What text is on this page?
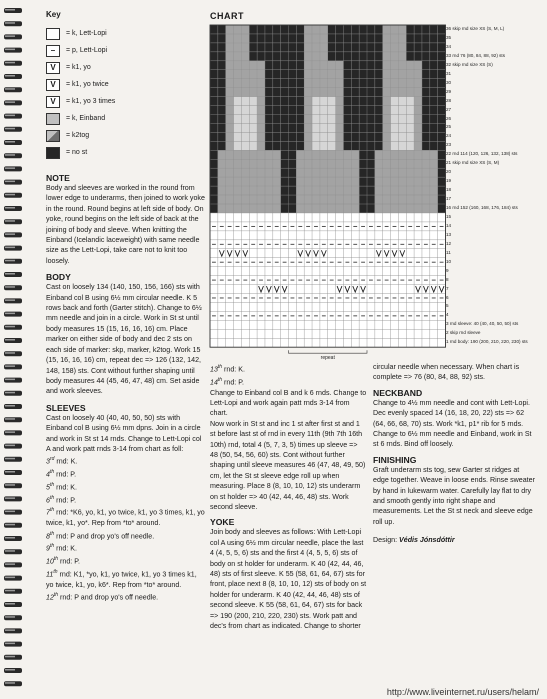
Key
= k, Lett-Lopi
– = p, Lett-Lopi
V = k1, yo
V = k1, yo twice
V = k1, yo 3 times
= k, Einband
= k2tog
= no st

NOTE

Body and sleeves are worked in the round from lower edge to underarms, then joined to work yoke in the round. Round begins at left side of body. On yoke, round begins on the left side of back at the joining of body and sleeve. When knitting the Einband (Icelandic laceweight) with same needle size as the Lett-Lopi, take care not to knit too loosely.

BODY

Cast on loosely 134 (140, 150, 156, 166) sts with Einband col B using 6½ mm circular needle. K 5 rows back and forth (Garter stitch). Change to 6½ mm needle and join in a circle. Work in St st until body measures 15 (15, 16, 16, 16) cm. Place marker on either side of body and dec 2 sts on each side of marker: skp, marker, k2tog. Work 15 (15, 16, 16, 16) cm, repeat dec => 126 (132, 142, 148, 158) sts. Cont without further shaping until body measures 44 (45, 46, 47, 48) cm. Set aside and work sleeves.

SLEEVES

Cast on loosely 40 (40, 40, 50, 50) sts with Einband col B using 6½ mm dpns. Join in a circle and work in St st 14 rnds. Change to Lett-Lopi col A and work patt rnds 3-14 from chart as foll:

3rd rnd: K.

4th rnd: P.

5th rnd: K.

6th rnd: P.

7th rnd: *K6, yo, k1, yo twice, k1, yo 3 times, k1, yo twice, k1, yo*. Rep from *to* around.

8th rnd: P and drop yo's off needle.

9th rnd: K.

10th rnd: P.

11th rnd: K1, *yo, k1, yo twice, k1, yo 3 times k1, yo twice, k1, yo, k6*. Rep from *to* around.

12th rnd: P and drop yo's off needle.

13th rnd: K.

14th rnd: P.

Change to Einband col B and k 6 rnds. Change to Lett-Lopi and work again patt rnds 3-14 from chart.

Now work in St st and inc 1 st after first st and 1 st before last st of rnd in every 11th (9th 7th 16th 10th) rnd, total 4 (5, 7, 3, 5) times up sleeve => 48 (50, 54, 56, 60) sts. Cont without further shaping until sleeve measures 46 (47, 48, 49, 50) cm, let the St st sleeve edge roll up when measuring. Place 8 (8, 10, 10, 12) sts underarm on st holder => 40 (42, 44, 46, 48) sts. Work second sleeve.

YOKE

Join body and sleeves as follows: With Lett-Lopi col A using 6½ mm circular needle, place the last 4 (4, 5, 5, 6) sts and the first 4 (4, 5, 5, 6) sts of body on st holder for underarm. K 40 (42, 44, 46, 48) sts of first sleeve. K 55 (58, 61, 64, 67) sts for front, place next 8 (8, 10, 10, 12) sts of body on st holder for underarm. K 40 (42, 44, 46, 48) sts of second sleeve. K 55 (58, 61, 64, 67) sts for back => 190 (200, 210, 220, 230) sts. Work patt and dec's from chart as indicated. Change to shorter

circular needle when necessary. When chart is complete => 76 (80, 84, 88, 92) sts.

NECKBAND

Change to 4½ mm needle and cont with Lett-Lopi. Dec evenly spaced 14 (16, 18, 20, 22) sts => 62 (64, 66, 68, 70) sts. Work *k1, p1* rib for 5 rnds. Change to 6½ mm needle and Einband, work in St st 6 rnds. Bind off loosely.

FINISHING

Graft underarm sts tog, sew Garter st ridges at edge together. Weave in loose ends. Rinse sweater by hand in lukewarm water. Carefully lay flat to dry and smooth gently into right shape and measurements. Let the St st neck and sleeve edge roll up.

Design: Védis Jónsdóttir

CHART
repeat
36 skip rnd size XS (S, M, L)
35
34
33 rnd 76 (80, 84, 88, 92) sts
32 skip rnd size XS (S)
31
30
29
28
27
26
25
24
23
22 rnd 114 (120, 126, 132, 138) sts
21 skip rnd size XS (S, M)
20
19
18
17
16 rnd 152 (160, 168, 176, 184) sts
15
14
13
12
11
10
9
8
7
6
5
4
3 rnd sleeve: 40 (40, 40, 50, 50) sts
2 skip rnd sleeve
1 rnd body: 190 (200, 210, 220, 230) sts
http://www.liveinternet.ru/users/helam/
